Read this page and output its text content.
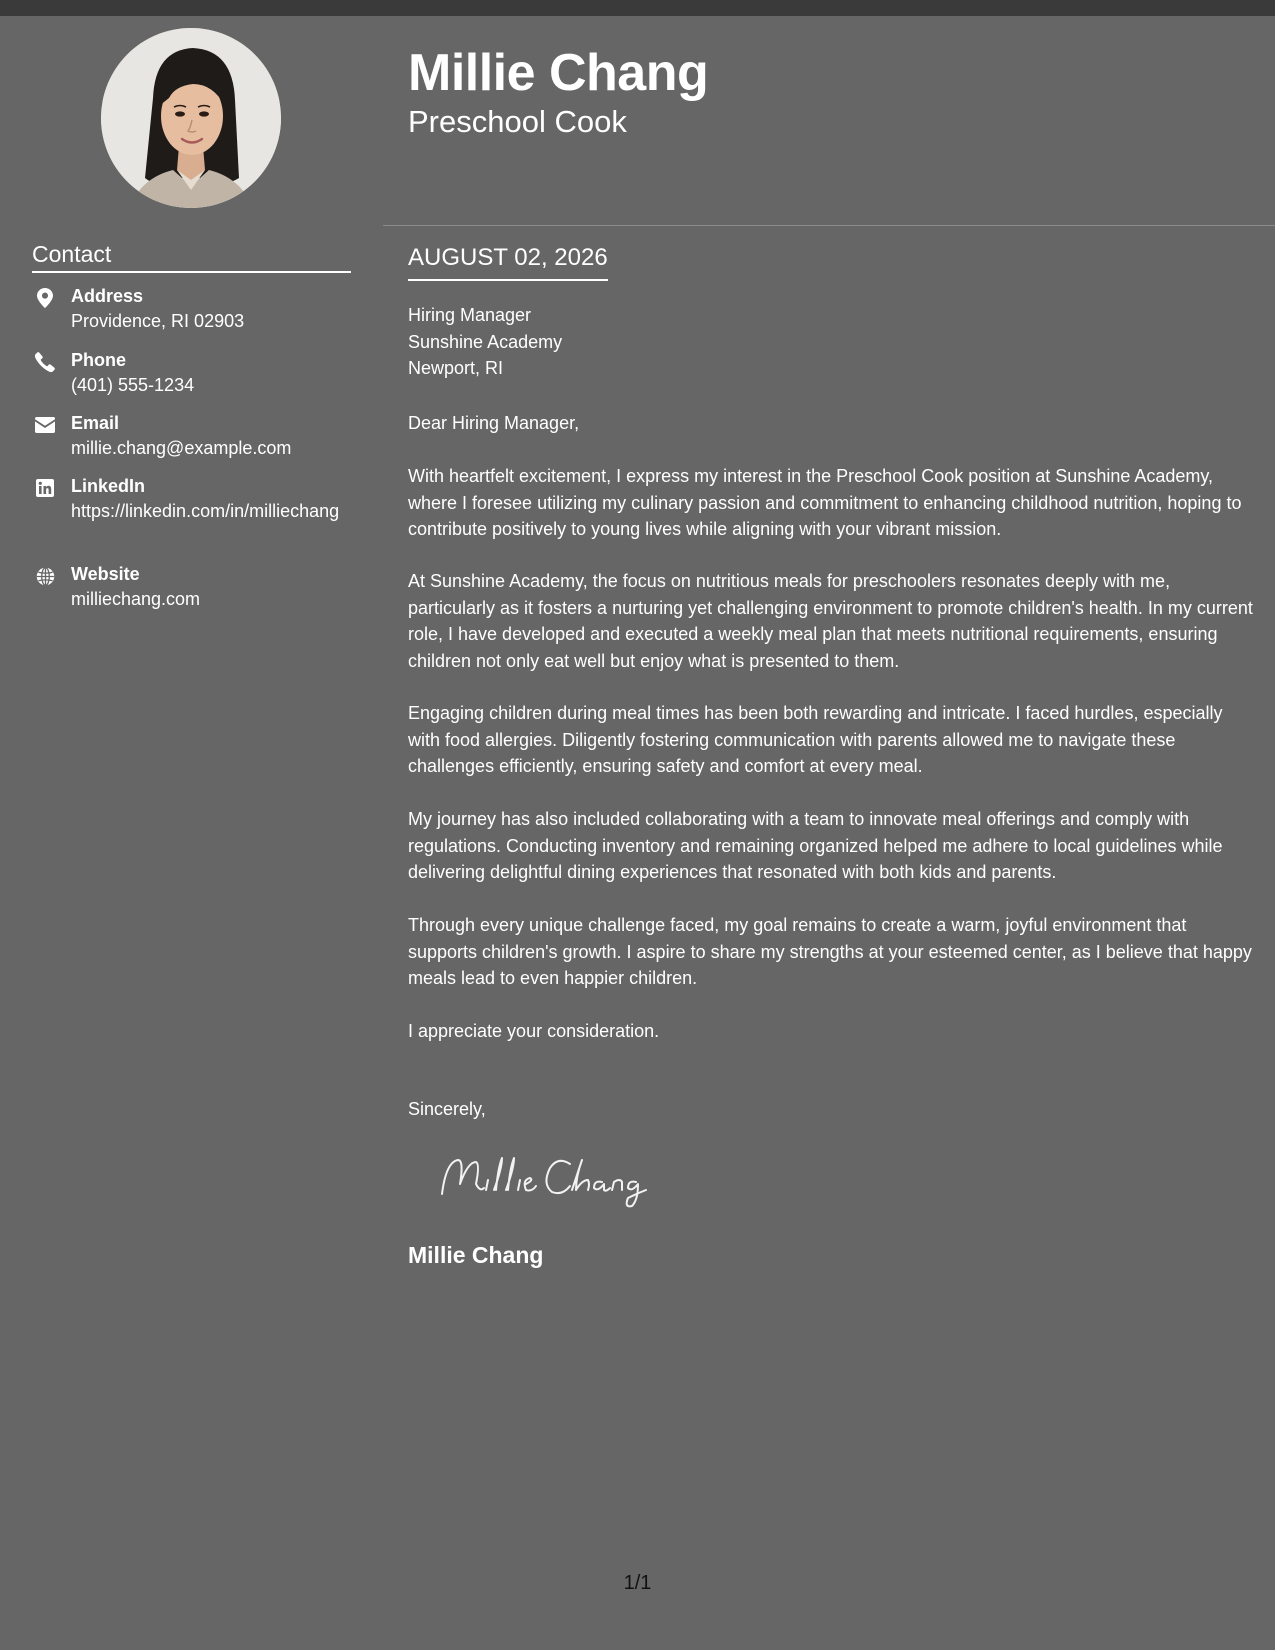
Contact
Address
Providence, RI 02903
Phone
(401) 555-1234
Email
millie.chang@example.com
LinkedIn
https://linkedin.com/in/milliechang
Website
milliechang.com
Millie Chang
Preschool Cook
AUGUST 02, 2026
Hiring Manager
Sunshine Academy
Newport, RI
Dear Hiring Manager,

With heartfelt excitement, I express my interest in the Preschool Cook position at Sunshine Academy, where I foresee utilizing my culinary passion and commitment to enhancing childhood nutrition, hoping to contribute positively to young lives while aligning with your vibrant mission.

At Sunshine Academy, the focus on nutritious meals for preschoolers resonates deeply with me, particularly as it fosters a nurturing yet challenging environment to promote children's health. In my current role, I have developed and executed a weekly meal plan that meets nutritional requirements, ensuring children not only eat well but enjoy what is presented to them.

Engaging children during meal times has been both rewarding and intricate. I faced hurdles, especially with food allergies. Diligently fostering communication with parents allowed me to navigate these challenges efficiently, ensuring safety and comfort at every meal.

My journey has also included collaborating with a team to innovate meal offerings and comply with regulations. Conducting inventory and remaining organized helped me adhere to local guidelines while delivering delightful dining experiences that resonated with both kids and parents.

Through every unique challenge faced, my goal remains to create a warm, joyful environment that supports children's growth. I aspire to share my strengths at your esteemed center, as I believe that happy meals lead to even happier children.

I appreciate your consideration.
Sincerely,
Millie Chang
1/1
